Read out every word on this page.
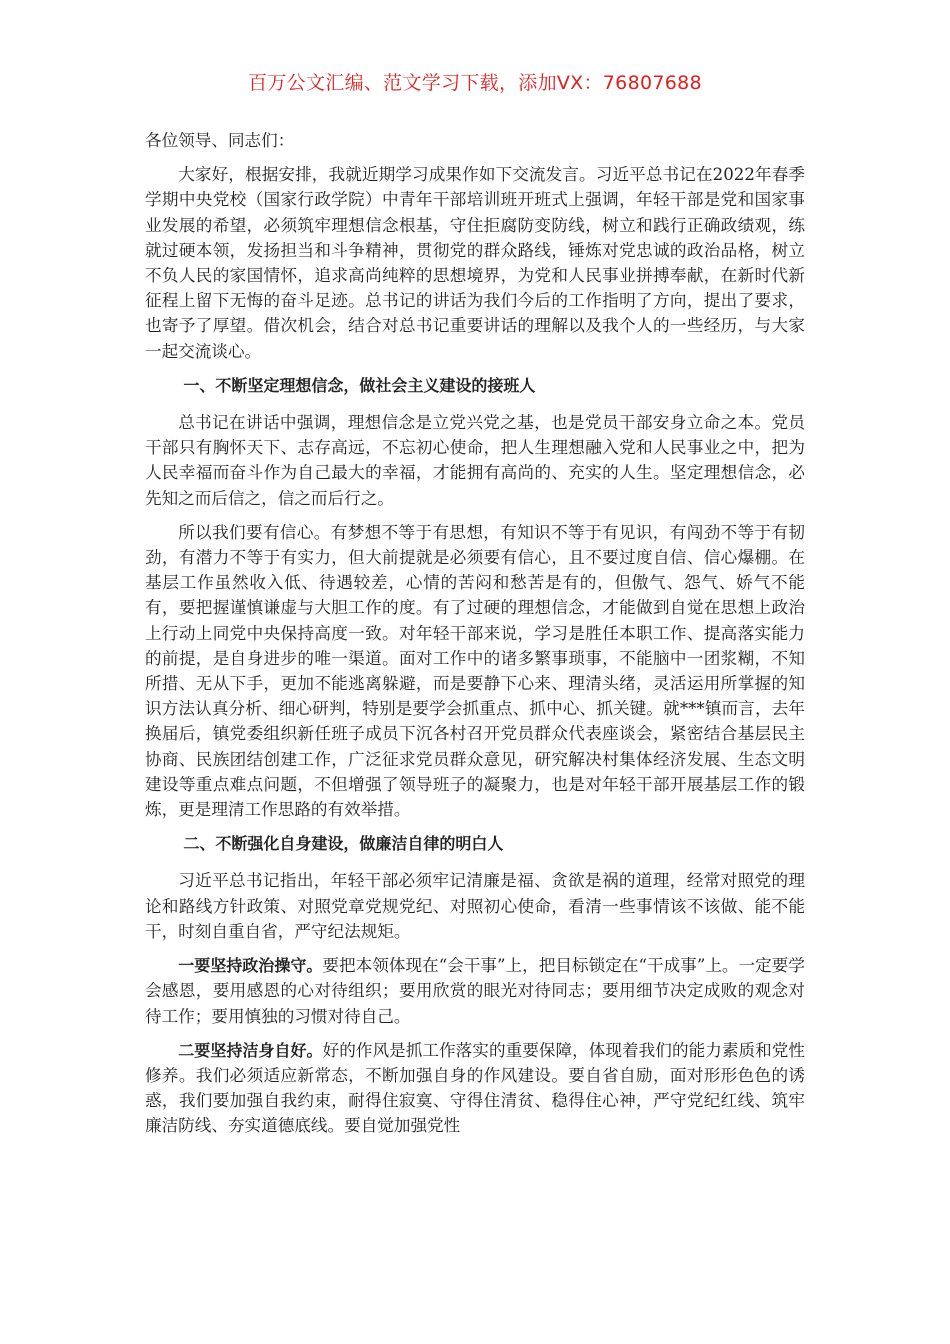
百万公文汇编、范文学习下载，添加VX：76807688

各位领导、同志们：

大家好，根据安排，我就近期学习成果作如下交流发言。习近平总书记在2022年春季学期中央党校（国家行政学院）中青年干部培训班开班式上强调，年轻干部是党和国家事业发展的希望，必须筑牢理想信念根基，守住拒腐防变防线，树立和践行正确政绩观，练就过硬本领，发扬担当和斗争精神，贯彻党的群众路线，锤炼对党忠诚的政治品格，树立不负人民的家国情怀，追求高尚纯粹的思想境界，为党和人民事业拼搏奉献，在新时代新征程上留下无悔的奋斗足迹。总书记的讲话为我们今后的工作指明了方向，提出了要求，也寄予了厚望。借次机会，结合对总书记重要讲话的理解以及我个人的一些经历，与大家一起交流谈心。

一、不断坚定理想信念，做社会主义建设的接班人

总书记在讲话中强调，理想信念是立党兴党之基，也是党员干部安身立命之本。党员干部只有胸怀天下、志存高远，不忘初心使命，把人生理想融入党和人民事业之中，把为人民幸福而奋斗作为自己最大的幸福，才能拥有高尚的、充实的人生。坚定理想信念，必先知之而后信之，信之而后行之。

所以我们要有信心。有梦想不等于有思想，有知识不等于有见识，有闯劲不等于有韧劲，有潜力不等于有实力，但大前提就是必须要有信心，且不要过度自信、信心爆棚。在基层工作虽然收入低、待遇较差，心情的苦闷和愁苦是有的，但傲气、怨气、娇气不能有，要把握谨慎谦虚与大胆工作的度。有了过硬的理想信念，才能做到自觉在思想上政治上行动上同党中央保持高度一致。对年轻干部来说，学习是胜任本职工作、提高落实能力的前提，是自身进步的唯一渠道。面对工作中的诸多繁事琐事，不能脑中一团浆糊，不知所措、无从下手，更加不能逃离躲避，而是要静下心来、理清头绪，灵活运用所掌握的知识方法认真分析、细心研判，特别是要学会抓重点、抓中心、抓关键。就***镇而言，去年换届后，镇党委组织新任班子成员下沉各村召开党员群众代表座谈会，紧密结合基层民主协商、民族团结创建工作，广泛征求党员群众意见，研究解决村集体经济发展、生态文明建设等重点难点问题，不但增强了领导班子的凝聚力，也是对年轻干部开展基层工作的锻炼，更是理清工作思路的有效举措。

二、不断强化自身建设，做廉洁自律的明白人

习近平总书记指出，年轻干部必须牢记清廉是福、贪欲是祸的道理，经常对照党的理论和路线方针政策、对照党章党规党纪、对照初心使命，看清一些事情该不该做、能不能干，时刻自重自省，严守纪法规矩。

一要坚持政治操守。要把本领体现在“会干事”上，把目标锁定在“干成事”上。一定要学会感恩，要用感恩的心对待组织；要用欣赏的眼光对待同志；要用细节决定成败的观念对待工作；要用慎独的习惯对待自己。

二要坚持洁身自好。好的作风是抓工作落实的重要保障，体现着我们的能力素质和党性修养。我们必须适应新常态，不断加强自身的作风建设。要自省自励，面对形形色色的诱惑，我们要加强自我约束，耐得住寂寞、守得住清贫、稳得住心神，严守党纪红线、筑牢廉洁防线、夯实道德底线。要自觉加强党性
